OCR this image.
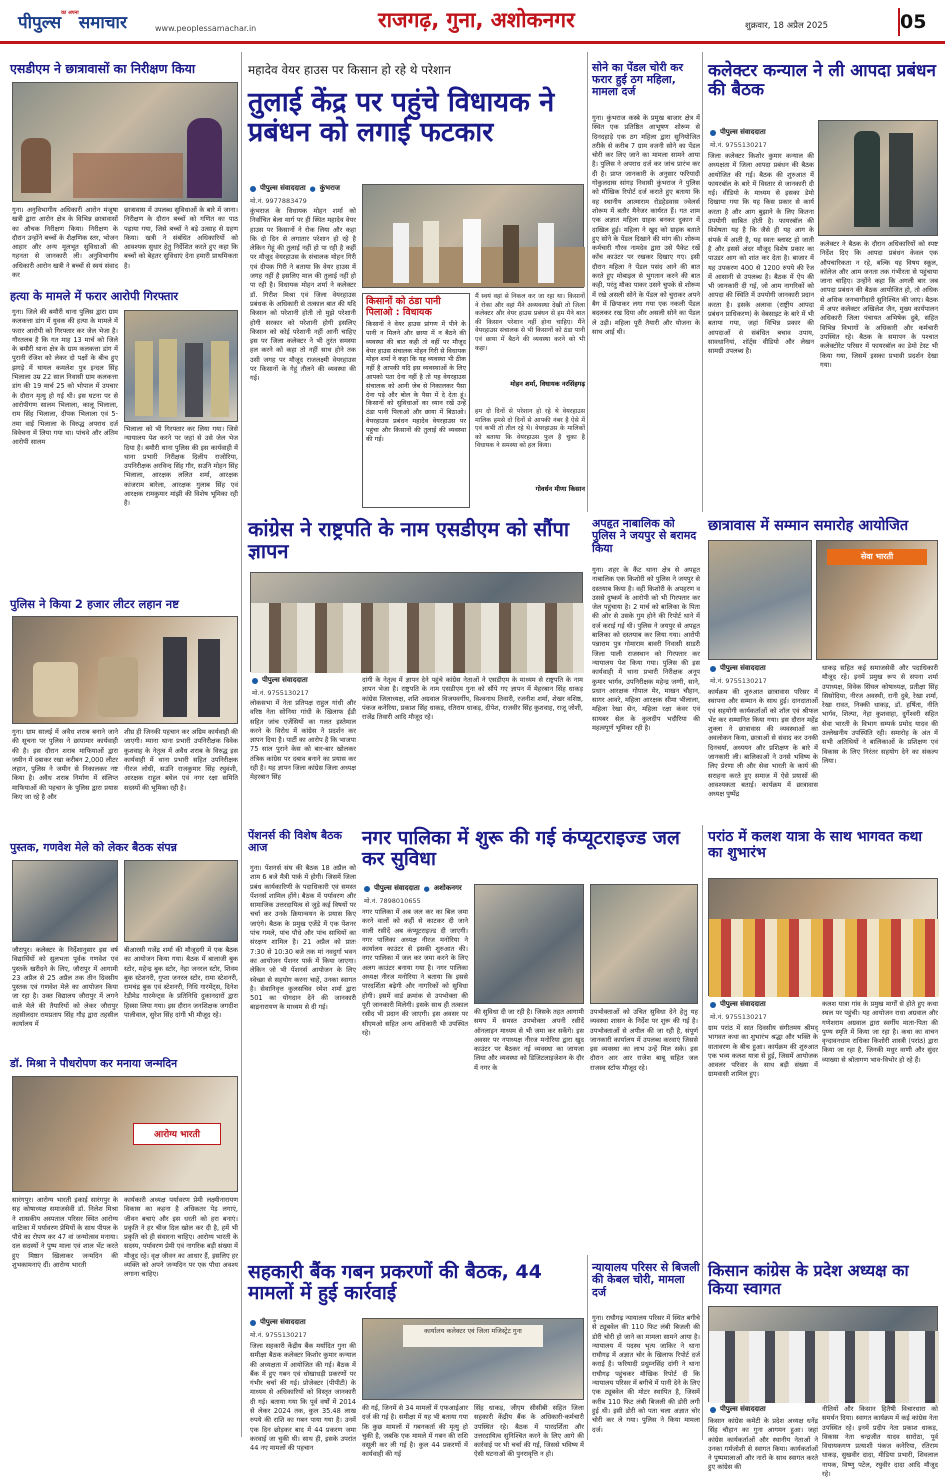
पीपुल्स$^{का अपना}$समाचार	www.peoplessamachar.in	राजगढ़, गुना, अशोकनगर	शुक्रवार, 18 अप्रैल 2025	05
एसडीएम ने छात्रावासों का निरीक्षण किया
गुना। अनुविभागीय अधिकारी आरोन मंजूषा खत्री द्वारा आरोन क्षेत्र के विभिन्न छात्रावासों का औचक निरीक्षण किया। निरीक्षण के दौरान उन्होंने बच्चों के शैक्षणिक स्तर, भोजन आहार और अन्य मूलभूत सुविधाओं की गहनता से जानकारी ली। अनुविभागीय अधिकारी आरोन खत्री ने बच्चों से स्वयं संवाद कर
छात्रावास में उपलब्ध सुविधाओं के बारे में जाना। निरीक्षण के दौरान बच्चों को गणित का पाठ पढ़ाया गया, जिसे बच्चों ने बड़े उत्साह से ग्रहण किया। खत्री ने संबंधित अधिकारियों को आवश्यक सुधार हेतु निर्देशित करते हुए कहा कि बच्चों को बेहतर सुविधाएं देना हमारी प्राथमिकता है।
हत्या के मामले में फरार आरोपी गिरफ्तार
गुना। जिले की बमौरी थाना पुलिस द्वारा ग्राम कलकत्ता डांग में युवक की हत्या के मामले में फरार आरोपी को गिरफ्तार कर जेल भेजा है। गौरतलब है कि गत माह 13 मार्च को जिले के बमौरी थाना क्षेत्र के ग्राम कलकत्ता डांग में पुरानी रंजिश को लेकर दो पक्षों के बीच हुए झगड़े में घायल कमलेश पुत्र इन्दल सिंह भिलाला उम्र 22 साल निवासी ग्राम कलकत्ता डांग की 19 मार्च 25 को भोपाल में उपचार के दौरान मृत्यु हो गई थी। इस घटना पर से आरोपीगण सालम भिलाला, कालू भिलाला, राम सिंह भिलाला, दीपक भिलाला एवं 5-तमा वाई भिलाला के विरुद्ध अपराध दर्ज विवेचना में लिया गया था। पांचवे और अंतिम आरोपी सालम
भिलाला को भी गिरफ्तार कर लिया गया। जिसे न्यायालय पेश करने पर जहां से उसे जेल भेज दिया है। बमौरी थाना पुलिस की इस कार्यवाही में थाना प्रभारी निरीक्षक दिलीप राजोरिया, उपनिरीक्षक अरविन्द सिंह गौर, सउनि मोहन सिंह भिलाला, आरक्षक ललित शर्मा, आरक्षक कांजराम बारेला, आरक्षक गुलाब सिंह एवं आरक्षक रामकुमार मांझी की विशेष भूमिका रही है।
पुलिस ने किया 2 हजार लीटर लहान नष्ट
गुना। ग्राम सालई में अवैध शराब बनाने जाने की सूचना पर पुलिस ने छापामार कार्यवाही की है। इस दौरान शराब माफियाओं द्वारा जमीन में दबाकर रखा करीबन 2,000 लीटर लहान, पुलिस ने जमीन से निकालकर नष्ट किया है। अवैध शराब निर्माण में संलिप्त माफियाओं की पहचान के पुलिस द्वारा प्रयास किए जा रहे है और
शीघ्र ही जिनकी पहचान कर अग्रिम कार्यवाही की जाएगी। म्याना थाना प्रभारी उपनिरीक्षक विवेक कुशवाह के नेतृत्व में अवैध शराब के विरुद्ध इस कार्यवाही में थाना प्रभारी सहित उपनिरीक्षक नीरज लोधी, सउनि राजकुमार सिंह रघुवंशी, आरक्षक राहुल बघेल एवं नगर रक्षा समिति सदस्यों की भूमिका रही है।
पुस्तक, गणवेश मेले को लेकर बैठक संपन्न
जौरापुर। कलेक्टर के निर्देशानुसार इस वर्ष विद्यार्थियों को सुलभता पूर्वक गणवेश एवं पुस्तकें खरीदने के लिए, जौरापुर में आगामी 23 अप्रैल से 25 अप्रैल तक तीन दिवसीय पुस्तक एवं गणवेश मेले का आयोजन किया जा रहा है। उक्त विद्यालय जौरापुर में लगने वाले मेले की तैयारियों को लेकर जौरापुर तहसीलदार रामप्रताप सिंह गौड़ द्वारा तहसील कार्यालय में
बीआरसी गजेंद्र शर्मा की मौजूदगी में एक बैठक का आयोजन किया गया। बैठक में बालाजी बुक स्टोर, महेन्द्र बुक स्टोर, नेहा जनरल स्टोर, शिवम बुक स्टेशनरी, गुप्ता जनरल स्टोर, रामा स्टेशनरी, रामचंद्र बुक एवं स्टेशनरी, निधि गारमेंट्स, दिनेश रेडीमेड गारमेन्ट्स के प्रतिनिधि दुकानदारों द्वारा हिस्सा लिया गया। इस दौरान जनशिक्षक जगदीश पालीवाल, सुरेश सिंह दांगी भी मौजूद रहे।
डॉ. मिश्रा ने पौधरोपण कर मनाया जन्मदिन
आरोग्य भारती
सारंगपुर। आरोग्य भारती इकाई सारंगपुर के सह कोषाध्यक्ष समाजसेवी डॉ. निलेश मिश्रा ने शासकीय अस्पताल परिसर स्थित आरोग्य वाटिका में पर्यावरण प्रेमियों के साथ पीपल के पौधे का रोपण कर 47 वां जन्मोत्सव मनाया। दल सदस्यों ने पुष्प माला एवं शाल भेंट करते हुए मिष्ठान खिलाकर जन्मदिन की शुभकामनाएं दीं। आरोग्य भारती
कार्यकारी अध्यक्ष पर्यावरण प्रेमी लक्ष्मीनारायण विकास का कहना है अधिकतर पेड़ लगाएं, जीवन बचाएं और इस धरती को हरा बनाएं। प्रकृति ने हर चीज दिल खोल कर दी है, हमें भी प्रकृति को ही संवारना चाहिए। आरोग्य भारती के सदस्य, पर्यावरण प्रेमी एवं नागरिक बड़ी संख्या में मौजूद रहे। वृक्ष जीवन का आधार हैं, इसलिए हर व्यक्ति को अपने जन्मदिन पर एक पौधा अवश्य लगाना चाहिए।
महादेव वेयर हाउस पर किसान हो रहे थे परेशान
तुलाई केंद्र पर पहुंचे विधायक ने प्रबंधन को लगाई फटकार
पीपुल्स संवाददाता ● कुंभराज
मो.नं. 9977883479
कुंभराज के विधायक मोहन शर्मा को निर्वाचित बेला मार्ग पर ही स्थित महादेव वेयर हाउस पर किसानों ने रोक लिया और कहा कि दो दिन से लगातार परेशान हो रहे है लेकिन गेहूं की तुलाई नहीं हो पा रही है कहीं पर मौजूद वेयरहाउस के संचालक मोहन गिरी एवं दीपक गिरी ने बताया कि वेयर हाउस में जगह नहीं है इसलिए माल की तुलाई नहीं हो पा रही है। विधायक मोहन शर्मा ने कलेक्टर डॉ. गिरीश मिश्रा एवं जिला वेयरहाउस प्रबंधक के अधिकारी से तत्काल बात की यदि किसान को परेशानी होती तो मुझे परेशानी होगी सरकार को परेशानी होगी इसलिए किसान को कोई परेशानी नहीं आनी चाहिए इस पर जिला कलेक्टर ने भी तुरंत समस्या हल करने को कहा तो नहीं साथ होने तक उसी जगह पर मौजूद राजलक्ष्मी वेयरहाउस पर किसानों के गेहूं तौलने की व्यवस्था की गई।
किसानों को ठंडा पानी पिलाओ : विधायक
किसानों ने वेयर हाउस प्रांगण में पीने के पानी न मिलने और छाया में न बैठने की व्यवस्था की बात कही तो वहीं पर मौजूद वेयर हाउस संचालक मोहन गिरी से विधायक मोहन शर्मा ने कहा कि यह व्यवस्था भी ठीक नहीं है आपकी यदि इस व्यवस्थाओं के लिए आपको पता देना नहीं है तो यह वेयरहाउस संचालक को आनी जेब से निकालकर पैसा देना पड़े और बोल के पैसा में दे देता हूं। किसानों को सुविधाओं का ध्यान रखें उन्हें ठंडा पानी पिलाओ और छाया में बिठाओ। वेयरहाउस प्रबंधन महादेव वेयरहाउस पर पहुंचा और किसानों की तुलाई की व्यवस्था की गई।
मैं स्वयं वहां से निकल कर जा रहा था। किसानों ने रोका और वहां मैंने अव्यवस्था देखी तो जिला कलेक्टर और वेयर हाउस प्रबंधन से हम मैने बात की किसान परेशान नहीं होना चाहिए। मैंने वेयरहाउस संचालक से भी किसानों को ठंडा पानी एवं छाया में बैठने की व्यवस्था करने को भी कहा।
मोहन शर्मा, विधायक नरसिंहगढ़
हम दो दिनों से परेशान हो रहे थे वेयरहाउस मालिक हमसे दो दिनों से आपकी नंबर है ऐसे में एवं कभी तो तौल रहे थे। वेयरहाउस के मालिकों को बताया कि वेयरहाउस फुल है चुका है विधायक ने समस्या को हल किया।
गोवर्धन मीणा किसान
सोने का पेंडल चोरी कर फरार हुई ठग महिला, मामला दर्ज
गुना। कुंभराज कस्बे के प्रमुख बाजार क्षेत्र में स्थित एक प्रतिष्ठित आभूषण शोरूम से दिनदहाड़े एक ठग महिला द्वारा सुनियोजित तरीके से करीब 7 ग्राम वजनी सोने का पेंडल चोरी कर लिए जाने का मामला सामने आया है। पुलिस ने अपराध दर्ज कर जांच प्रारंभ कर दी है। प्राप्त जानकारी के अनुसार फरियादी गोकुलदास सांगड़ निवासी कुंभराज ने पुलिस को मौखिक रिपोर्ट दर्ज कराते हुए बताया कि वह स्थानीय आत्माराम रोडहेडवास ज्वेलर्स शोरूम में बतौर मैनेजर कार्यरत हैं। गत शाम एक अज्ञात महिला ग्राहक बनकर दुकान में दाखिल हुई। महिला ने खुद को ग्राहक बताते हुए सोने के पेंडल दिखाने की मांग की। शोरूम कर्मचारी गौरव नामदेव द्वारा उसे पैकेट रखें काँच काउंटर पर रखकर दिखाए गए। इसी दौरान महिला ने पेंडल पसंद आने की बात करते हुए मोबाइल से भुगतान करने की बात कही, परंतु मौका पाकर उसने चुपके से शोरूम में रखे असली सोने के पेंडल को चुराकर अपने बैग में छिपाकर लगा गया एक नकली पेंडल बदलकर रख दिया और असली सोने का पेंडल ले उड़ी। महिला पूरी तैयारी और योजना के साथ आई थी।
कलेक्टर कन्याल ने ली आपदा प्रबंधन की बैठक
पीपुल्स संवाददाता
मो.नं. 9755130217
जिला कलेक्टर किशोर कुमार कन्याल की अध्यक्षता में जिला आपदा प्रबंधन की बैठक आयोजित की गई। बैठक की शुरुआत में फायरबॉल के बारे में विस्तार से जानकारी दी गई। वीडियो के माध्यम से इसका डेमो दिखाया गया कि यह किस प्रकार से कार्य करता है और आग बुझाने के लिए कितना उपयोगी साबित होती है। फायरबॉल की विशेषता यह है कि जैसे ही यह आग के संपर्क में आती है, यह स्वतः ब्लास्ट हो जाती है और इससे अंदर मौजूद विशेष प्रकार का पाउडर आग को शांत कर देता है। बाजार में यह उपकरण 400 से 1200 रुपये की रेंज में आसानी से उपलब्ध है। बैठक में ऐप की भी जानकारी दी गई, जो आम नागरिकों को आपदा की स्थिति में उपयोगी जानकारी प्रदान करता है। इसके अलावा (राष्ट्रीय आपदा प्रबंधन प्राधिकरण) के वेबसाइट के बारे में भी बताया गया, जहां विभिन्न प्रकार की आपदाओं से संबंधित बचाव उपाय, सावधानियां, शॉर्ट्स वीडियो और लेखन सामग्री उपलब्ध है।
कलेक्टर ने बैठक के दौरान अधिकारियों को स्पष्ट निर्देश दिए कि आपदा प्रबंधन केवल एक औपचारिकता न रहे, बल्कि यह विषय स्कूल, कॉलेज और आम जनता तक गंभीरता से पहुंचाया जाना चाहिए। उन्होंने कहा कि अगली बार जब आपदा प्रबंधन की बैठक आयोजित हो, तो अधिक से अधिक जनभागीदारी सुनिश्चित की जाए। बैठक में अपर कलेक्टर अखिलेश जैन, मुख्य कार्यपालन अधिकारी जिला पंचायत अभिषेक दुबे, सहित विभिन्न विभागों के अधिकारी और कर्मचारी उपस्थित रहे। बैठक के समापन के पश्चात कलेक्टोरेट परिसर में फायरबॉल का डेमो टेस्ट भी किया गया, जिसमें इसका प्रभावी प्रदर्शन देखा गया।
कांग्रेस ने राष्ट्रपति के नाम एसडीएम को सौंपा ज्ञापन
पीपुल्स संवाददाता
मो.नं. 9755130217
लोकसभा में नेता प्रतिपक्ष राहुल गांधी और वरिष्ठ नेता सोनिया गांधी के खिलाफ ईडी सहित जांच एजेंसियों का गलत इस्तेमाल करने के विरोध में कांग्रेस ने प्रदर्शन कर ज्ञापन दिया है। पार्टी का आरोप है कि भाजपा 75 साल पुराने केस को बार-बार खोलकर तंत्रिक कांग्रेस पर दबाव बनाने का प्रयास कर रही है। यह ज्ञापन जिला कांग्रेस जिला अध्यक्ष मेहरबान सिंह
दांगी के नेतृत्व में ज्ञापन देने पहुंचे कांग्रेस नेताओं ने एसडीएम के माध्यम से राष्ट्रपति के नाम ज्ञापन भेजा है। राष्ट्रपति के नाम एसडीएम गुना को सौंपे गए ज्ञापन में मेहरबान सिंह धाकड़ कांग्रेस जिलाध्यक्ष, शशि अग्रवाल विजयवर्गीय, विश्वनाथ तिवारी, रजनीश शर्मा, शेखर वशिष्ठ, पंकज कनेरिया, प्रकाश सिंह धाकड़, रतिराम धाकड़, दीपेश, राजवीर सिंह कुशवाह, राजू जोशी, राजेंद्र तिवारी आदि मौजूद रहे।
अपहृत नाबालिक को पुलिस ने जयपुर से बरामद किया
गुना। शहर के कैंट थाना क्षेत्र से अपहृत नाबालिक एक किशोरी को पुलिस ने जयपुर से दस्तयाब किया है। वहीं किशोरी के अपहरण व उससे दुष्कर्म के आरोपी को भी गिरफ्तार कर जेल पहुंचाया है। 2 मार्च को बालिका के पिता की ओर से उसके गुम होने की रिपोर्ट थाने में दर्ज कराई गई थी। पुलिस ने जयपुर से अपहृत बालिका को दस्तयाब कर लिया गया। आरोपी पन्नाराम पुत्र गोमाराम बावरी निवासी साडरी जिला पाली राजस्थान को गिरफ्तार कर न्यायालय पेश किया गया। पुलिस की इस कार्यवाही में थाना प्रभारी निरीक्षक अनूप कुमार भार्गव, उपनिरीक्षक महेन्द्र जग्गी, साने, प्रधान आरक्षक गोपाल मेर, माखन चौहान, सागर आवरे, महिला आरक्षक सीमा भीलाला, महिला रेखा सेन, महिला रक्षा कंवर एवं सायबर सेल के कुलदीप भदौरिया की महत्वपूर्ण भूमिका रही है।
छात्रावास में सम्मान समारोह आयोजित
सेवा भारती
पीपुल्स संवाददाता
मो.नं. 9755130217
कार्यक्रम की शुरुआत छात्रावास परिसर में स्थापना और सम्मान के साथ हुई। दानदाताओं एवं सहयोगी कार्यकर्ताओं को शॉल एवं श्रीफल भेंट कर सम्मानित किया गया। इस दौरान महेंद्र शुक्ला ने छात्रावास की व्यवस्थाओं का अवलोकन किया, छात्राओं से संवाद कर उनकी दिनचर्या, अध्ययन और प्रशिक्षण के बारे में जानकारी ली। बालिकाओं ने उनसे भविष्य के लिए प्रेरणा ली और सेवा भारती के कार्य की सराहना करते हुए समाज में ऐसे प्रयासों की आवश्यकता बताई। कार्यक्रम में छात्रावास अध्यक्ष पुष्पेंद्र
धाकड़ सहित कई समाजसेवी और पदाधिकारी मौजूद रहे। इनमें प्रमुख रूप से सपना शर्मा उपाध्यक्ष, विवेक सिंघल कोषाध्यक्ष, प्रतीक्षा सिंह सिसोदिया, नीरज अवस्थी, रानी दुबे, रेखा शर्मा, रेखा रावत, निक्की धाकड़, डॉ. हर्षिता, नीति भार्गव, शिल्पा, नेहा कुशवाहा, दुर्गेश्वरी सहित सेवा भारती के विभाग सम्पर्क प्रमोद यादव की उल्लेखनीय उपस्थिति रही। समारोह के अंत में सभी अतिथियों ने बालिकाओं के प्रशिक्षण एवं विकास के लिए निरंतर सहयोग देने का संकल्प लिया।
पेंशनर्स की विशेष बैठक आज
गुना। पेंशनर्स संघ की बैठक 18 अप्रैल को शाम 6 बजे मैत्री पार्क में होगी। जिसमें जिला प्रबंध कार्यकारिणी के पदाधिकारी एवं समस्त पेंशनर्स शामिल होंगे। बैठक में पर्यावरण और सामाजिक उत्तरदायित्व से जुड़े कई विषयों पर चर्चा कर उनके क्रियान्वयन के प्रयास किए जाएंगे। बैठक के प्रमुख एजेंडे में एक पेंशनर पांच गमले, पांच पौधे और पांच साथियों का संरक्षण शामिल है। 21 अप्रैल को प्रातः 7:30 से 10:30 बजे तक मां नवदुर्गा भवन का आयोजन पेंशनर पार्क में किया जाएगा। लेकिन जो भी पेंशनर्स आयोजन के लिए स्वेच्छा से सहयोग करना चाहें, उनका स्वागत है। सेवानिवृत्त कुलसचिव रमेश शर्मा द्वारा 501 का योगदान देने की जानकारी बाद्रनारायण के माध्यम से दी गई।
नगर पालिका में शुरू की गई कंप्यूटराइज्ड जल कर सुविधा
पीपुल्स संवाददाता ● अशोकनगर
मो.नं. 7898010655
नगर पालिका में अब जल कर का बिल जमा करने वालों को कहीं से काटकर दी जाने वाली रसीदें अब कंप्यूटराइज्ड दी जाएगी। नगर पालिका अध्यक्ष नीरज मनोरिया ने कार्यालय काउंटर से इसकी शुरुआत की। नगर पालिका में जल कर जमा करने के लिए अलग काउंटर बनाया गया है। नगर पालिका अध्यक्ष नीरज मनोरिया ने बताया कि इससे पारदर्शिता बढ़ेगी और नागरिकों को सुविधा होगी। इसमें वार्ड क्रमांक से उपभोक्ता की पूरी जानकारी मिलेगी। इसके साथ ही तत्काल रसीद भी प्रदान की जाएगी। इस अवसर पर सीएमओ सहित अन्य अधिकारी भी उपस्थित रहे।
की सुविधा दी जा रही है। जिसके तहत आगामी समय में समस्त उपभोक्ता अपनी रसीदें ऑनलाइन माध्यम से भी जमा कर सकेंगे। इस अवसर पर नपाध्यक्ष नीरज मनोरिया द्वारा खुद काउंटर पर बैठकर नई व्यवस्था का जायजा लिया और व्यवस्था को डिजिटलाइजेशन के दौर में नगर के
उपभोक्ताओं को उचित सुविधा देने हेतु यह व्यवस्था शासन के निर्देश पर शुरू की गई है। उपभोक्ताओं से अपील की जा रही है, संपूर्ण जानकारी कार्यालय में उपलब्ध करवाएं जिससे इस व्यवस्था का लाभ उन्हें मिल सके। इस दौरान आर आर राजेश बाबू सहित जल राजस्व स्टॉफ मौजूद रहे।
परांठ में कलश यात्रा के साथ भागवत कथा का शुभारंभ
पीपुल्स संवाददाता
मो.नं. 9755130217
ग्राम परांठ में सात दिवसीय संगीतमय श्रीमद् भागवत कथा का शुभारंभ श्रद्धा और भक्ति के वातावरण के बीच हुआ। कार्यक्रम की शुरुआत एक भव्य कलश यात्रा से हुई, जिसमें आयोजक आवलर परिवार के साथ बड़ी संख्या में ग्रामवासी शामिल हुए।
कलश यात्रा गांव के प्रमुख मार्गों से होते हुए कथा स्थल पर पहुंची। यह आयोजन राधा अग्रवाल और गणेशराम अग्रवाल द्वारा स्वर्गीय माता-पिता की पुण्य स्मृति में किया जा रहा है। कथा का वाचन वृन्दावनधाम राधिका किशोरी शास्त्री (परांठ) द्वारा किया जा रहा है, जिनकी मधुर वाणी और सुंदर व्याख्या से श्रोतागण भाव-विभोर हो रहे हैं।
सहकारी बैंक गबन प्रकरणों की बैठक, 44 मामलों में हुई कार्रवाई
पीपुल्स संवाददाता
मो.नं. 9755130217
जिला सहकारी केंद्रीय बैंक मर्यादित गुना की समीक्षा बैठक कलेक्टर किशोर कुमार कन्याल की अध्यक्षता में आयोजित की गई। बैठक में बैंक में हुए गबन एवं धोखाधड़ी प्रकरणों पर गंभीर चर्चा की गई। प्रोजेक्टर (पीपीटी) के माध्यम से अधिकारियों को विस्तृत जानकारी दी गई। बताया गया कि पूर्व वर्षों में 2014 से लेकर 2024 तक, कुल 35.48 लाख रुपये की राशि का गबन पाया गया है। उनमें एक दिन छोड़कर बाद में 44 प्रकरण जमा करवाई जा चुकी थी। साथ ही, इसके उपरांत 44 नए मामलों की पहचान
कार्यालय कलेक्टर एवं जिला मजिस्ट्रेट गुना
की गई, जिनमें से 34 मामलों में एफआईआर दर्ज की गई है। समीक्षा में यह भी बताया गया कि कुछ मामलों में गबनकर्ता की मृत्यु हो चुकी है, जबकि एक मामले में गबन की राशि वसूली कर ली गई है। कुल 44 प्रकरणों में कार्यवाही की गई
सिंह धाकड़, जीएम सीसीबी सहित जिला सहकारी केंद्रीय बैंक के अधिकारी-कर्मचारी उपस्थित रहे। बैठक में पारदर्शिता और उत्तरदायित्व सुनिश्चित करने के लिए आगे की कार्रवाई पर भी चर्चा की गई, जिससे भविष्य में ऐसी घटनाओं की पुनरावृत्ति न हो।
न्यायालय परिसर से बिजली की केबल चोरी, मामला दर्ज
गुना। राघौगढ़ न्यायालय परिसर में स्थित बगीचे से ट्यूबवेल की 110 फिट लंबी बिजली की डोरी चोरी हो जाने का मामला सामने आया है। न्यायालय में पदस्थ भृत्य जाकिर ने थाना राघौगढ़ में अज्ञात चोर के खिलाफ रिपोर्ट दर्ज कराई है। फरियादी प्रधुम्नसिंह दांगी ने थाना राघौगढ़ पहुंचकर मौखिक रिपोर्ट दी कि न्यायालय परिसर में बगीचे में पानी देने के लिए एक ट्यूबवेल की मोटर स्थापित है, जिसमें करीब 110 फिट लंबी बिजली की डोरी लगी हुई थी। इसी डोरी को पता चला अज्ञात चोर चोरी कर ले गया। पुलिस ने किया मामला दर्ज।
किसान कांग्रेस के प्रदेश अध्यक्ष का किया स्वागत
पीपुल्स संवाददाता
किसान कांग्रेस कमेटी के प्रदेश अध्यक्ष धनेंद्र सिंह चौहान का गुना आगमन हुआ। जहां कांग्रेस कार्यकर्ताओं और स्थानीय नेताओं ने उनका गर्मजोशी से स्वागत किया। कार्यकर्ताओं ने पुष्पमालाओं और नारों के साथ स्वागत करते हुए कांग्रेस की
नीतियों और किसान हितैषी विचारधारा को समर्थन दिया। स्वागत कार्यक्रम में कई कांग्रेस नेता उपस्थित रहे। इनमें प्रदीप नेता प्रकाश धाकड़, विकास नेता चन्द्रजीत यादव सारोठा, पूर्व विधायकगण प्रत्याशी पंकज कनेरिया, रतिराम धाकड़, सुखवीर दादा, मीडिया प्रभारी, शिवलाल नायक, विष्णु पटेल, रघुवीर दादा आदि मौजूद रहे।
